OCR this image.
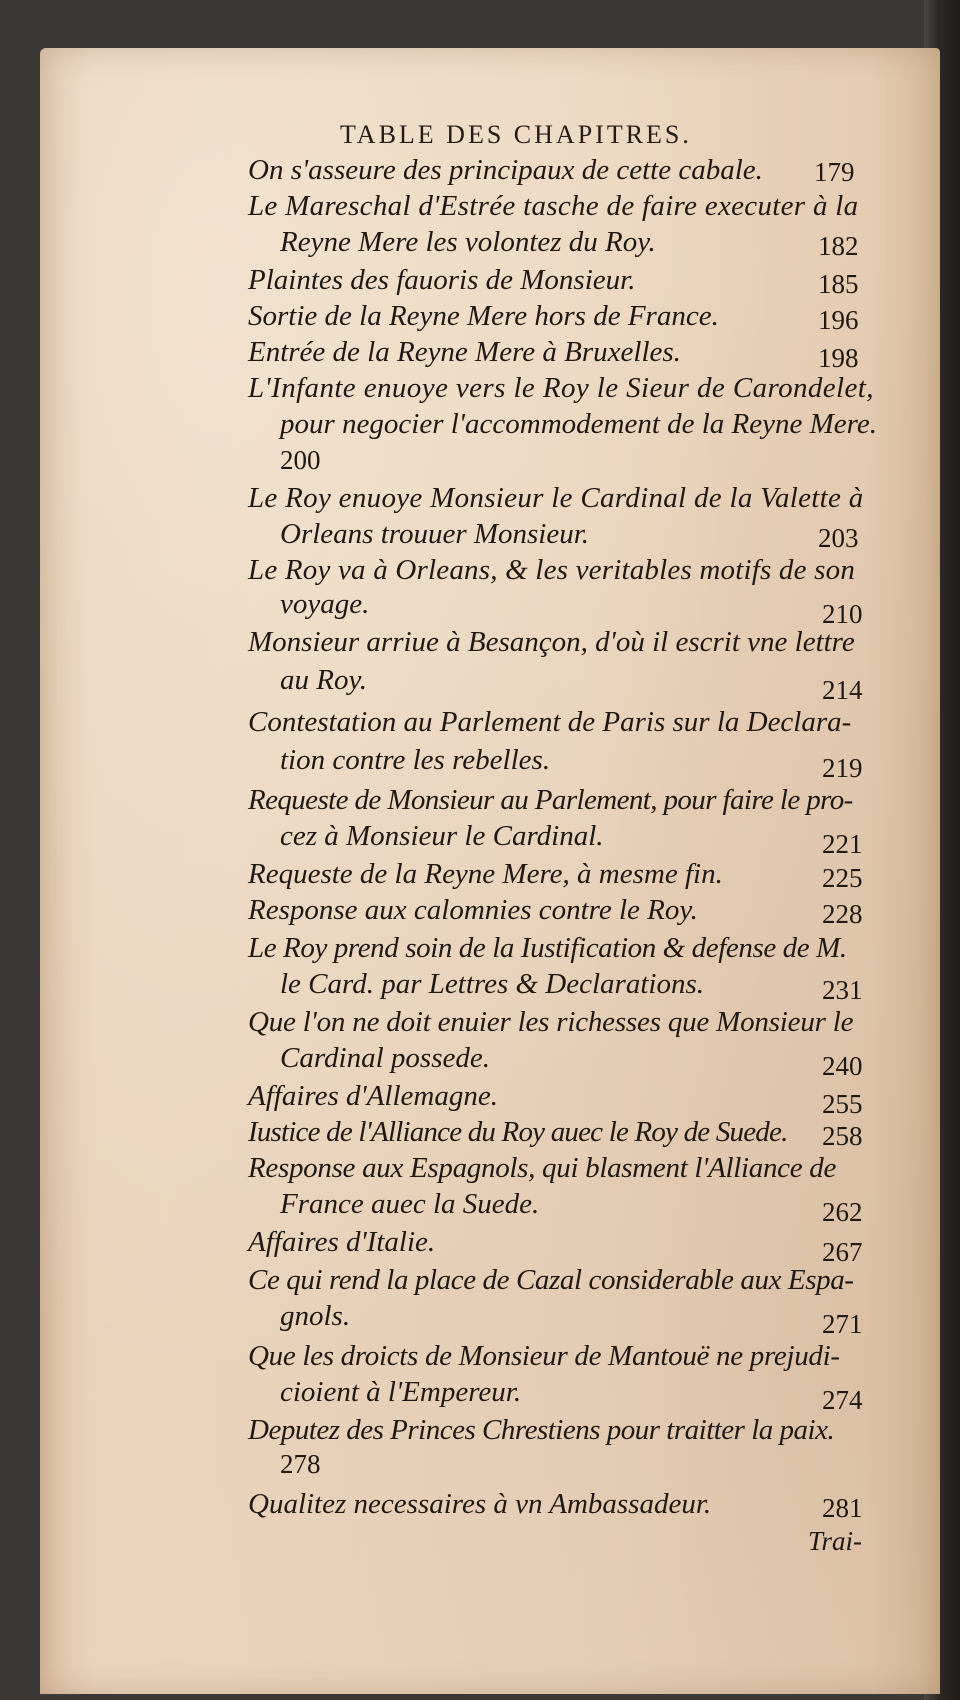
TABLE DES CHAPITRES.
On s'asseure des principaux de cette cabale. 179
Le Mareschal d'Estrée tasche de faire executer à la
Reyne Mere les volontez du Roy.	182
Plaintes des fauoris de Monsieur.	185
Sortie de la Reyne Mere hors de France.	196
Entrée de la Reyne Mere à Bruxelles.	198
L'Infante enuoye vers le Roy le Sieur de Carondelet,
pour negocier l'accommodement de la Reyne Mere.
200
Le Roy enuoye Monsieur le Cardinal de la Valette à
Orleans trouuer Monsieur.	203
Le Roy va à Orleans, & les veritables motifs de son
voyage.	210
Monsieur arriue à Besançon, d'où il escrit vne lettre
au Roy.	214
Contestation au Parlement de Paris sur la Declara-
tion contre les rebelles.	219
Requeste de Monsieur au Parlement, pour faire le pro-
cez à Monsieur le Cardinal.	221
Requeste de la Reyne Mere, à mesme fin.	225
Response aux calomnies contre le Roy.	228
Le Roy prend soin de la Iustification & defense de M.
le Card. par Lettres & Declarations.	231
Que l'on ne doit enuier les richesses que Monsieur le
Cardinal possede.	240
Affaires d'Allemagne.	255
Iustice de l'Alliance du Roy auec le Roy de Suede. 258
Response aux Espagnols, qui blasment l'Alliance de
France auec la Suede.	262
Affaires d'Italie.	267
Ce qui rend la place de Cazal considerable aux Espa-
gnols.	271
Que les droicts de Monsieur de Mantouë ne prejudi-
cioient à l'Empereur.	274
Deputez des Princes Chrestiens pour traitter la paix.
278
Qualitez necessaires à vn Ambassadeur.	281
Trai-
